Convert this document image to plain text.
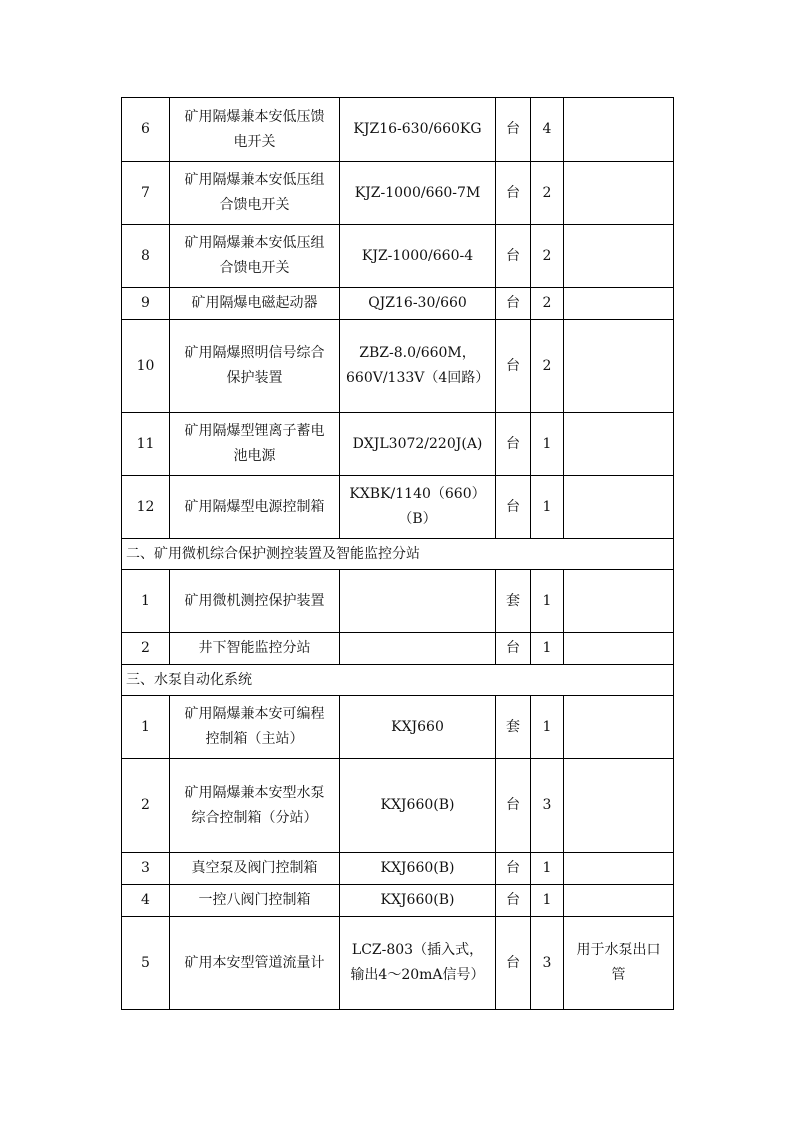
6	矿用隔爆兼本安低压馈电开关	KJZ16-630/660KG	台	4	
7	矿用隔爆兼本安低压组合馈电开关	KJZ-1000/660-7M	台	2	
8	矿用隔爆兼本安低压组合馈电开关	KJZ-1000/660-4	台	2	
9	矿用隔爆电磁起动器	QJZ16-30/660	台	2	
10	矿用隔爆照明信号综合保护装置	ZBZ-8.0/660M，660V/133V（4回路）	台	2	
11	矿用隔爆型锂离子蓄电池电源	DXJL3072/220J(A)	台	1	
12	矿用隔爆型电源控制箱	KXBK/1140（660）（B）	台	1	
二、矿用微机综合保护测控装置及智能监控分站					
1	矿用微机测控保护装置		套	1	
2	井下智能监控分站		台	1	
三、水泵自动化系统					
1	矿用隔爆兼本安可编程控制箱（主站）	KXJ660	套	1	
2	矿用隔爆兼本安型水泵综合控制箱（分站）	KXJ660(B)	台	3	
3	真空泵及阀门控制箱	KXJ660(B)	台	1	
4	一控八阀门控制箱	KXJ660(B)	台	1	
5	矿用本安型管道流量计	LCZ-803（插入式，输出4～20mA信号）	台	3	用于水泵出口管
